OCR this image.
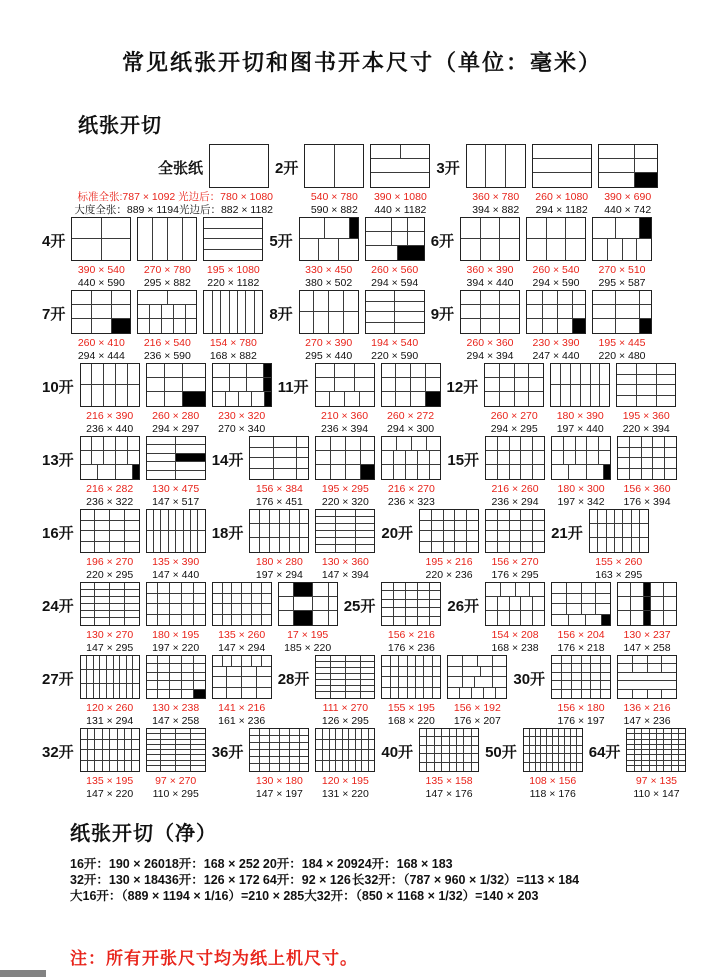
常见纸张开切和图书开本尺寸（单位：毫米）
纸张开切
全张纸
标准全张:787 × 1092 光边后：780 × 1080
大度全张：889 × 1194光边后：882 × 1182
2开
540 × 780
590 × 882
390 × 1080
440 × 1182
3开
360 × 780
394 × 882
260 × 1080
294 × 1182
390 × 690
440 × 742
4开
390 × 540
440 × 590
270 × 780
295 × 882
195 × 1080
220 × 1182
5开
330 × 450
380 × 502
260 × 560
294 × 594
6开
360 × 390
394 × 440
260 × 540
294 × 590
270 × 510
295 × 587
7开
260 × 410
294 × 444
216 × 540
236 × 590
154 × 780
168 × 882
8开
270 × 390
295 × 440
194 × 540
220 × 590
9开
260 × 360
294 × 394
230 × 390
247 × 440
195 × 445
220 × 480
10开
216 × 390
236 × 440
260 × 280
294 × 297
230 × 320
270 × 340
11开
210 × 360
236 × 394
260 × 272
294 × 300
12开
260 × 270
294 × 295
180 × 390
197 × 440
195 × 360
220 × 394
13开
216 × 282
236 × 322
130 × 475
147 × 517
14开
156 × 384
176 × 451
195 × 295
220 × 320
216 × 270
236 × 323
15开
216 × 260
236 × 294
180 × 300
197 × 342
156 × 360
176 × 394
16开
196 × 270
220 × 295
135 × 390
147 × 440
18开
180 × 280
197 × 294
130 × 360
147 × 394
20开
195 × 216
220 × 236
156 × 270
176 × 295
21开
155 × 260
163 × 295
24开
130 × 270
147 × 295
180 × 195
197 × 220
135 × 260
147 × 294
17 × 195
185 × 220
25开
156 × 216
176 × 236
26开
154 × 208
168 × 238
156 × 204
176 × 218
130 × 237
147 × 258
27开
120 × 260
131 × 294
130 × 238
147 × 258
141 × 216
161 × 236
28开
111 × 270
126 × 295
155 × 195
168 × 220
156 × 192
176 × 207
30开
156 × 180
176 × 197
136 × 216
147 × 236
32开
135 × 195
147 × 220
97 × 270
110 × 295
36开
130 × 180
147 × 197
120 × 195
131 × 220
40开
135 × 158
147 × 176
50开
108 × 156
118 × 176
64开
97 × 135
110 × 147
纸张开切（净）
16开：190 × 260 18开：168 × 252 20开：184 × 209 24开：168 × 183
32开：130 × 184 36开：126 × 172 64开：92 × 126 长32开：（787 × 960 × 1/32）=113 × 184
大16开：（889 × 1194 × 1/16）=210 × 285 大32开：（850 × 1168 × 1/32）=140 × 203
注：所有开张尺寸均为纸上机尺寸。
